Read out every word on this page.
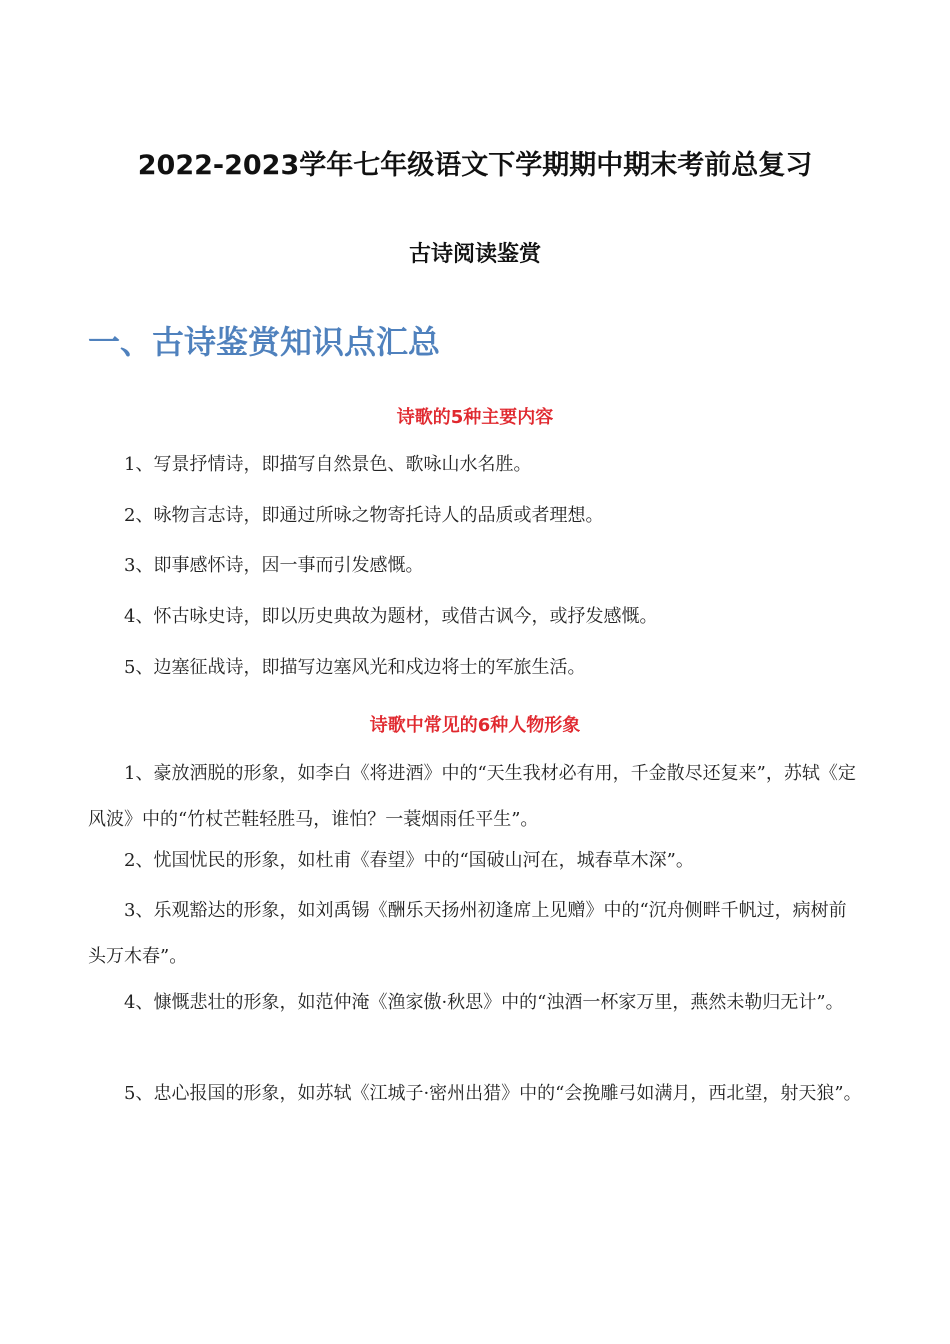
2022-2023学年七年级语文下学期期中期末考前总复习
古诗阅读鉴赏
一、古诗鉴赏知识点汇总
诗歌的5种主要内容
1、写景抒情诗，即描写自然景色、歌咏山水名胜。
2、咏物言志诗，即通过所咏之物寄托诗人的品质或者理想。
3、即事感怀诗，因一事而引发感慨。
4、怀古咏史诗，即以历史典故为题材，或借古讽今，或抒发感慨。
5、边塞征战诗，即描写边塞风光和戍边将士的军旅生活。
诗歌中常见的6种人物形象
1、豪放洒脱的形象，如李白《将进酒》中的“天生我材必有用，千金散尽还复来”，苏轼《定风波》中的“竹杖芒鞋轻胜马，谁怕？一蓑烟雨任平生”。
2、忧国忧民的形象，如杜甫《春望》中的“国破山河在，城春草木深”。
3、乐观豁达的形象，如刘禹锡《酬乐天扬州初逢席上见赠》中的“沉舟侧畔千帆过，病树前头万木春”。
4、慷慨悲壮的形象，如范仲淹《渔家傲·秋思》中的“浊酒一杯家万里，燕然未勒归无计”。
5、忠心报国的形象，如苏轼《江城子·密州出猎》中的“会挽雕弓如满月，西北望，射天狼”。
